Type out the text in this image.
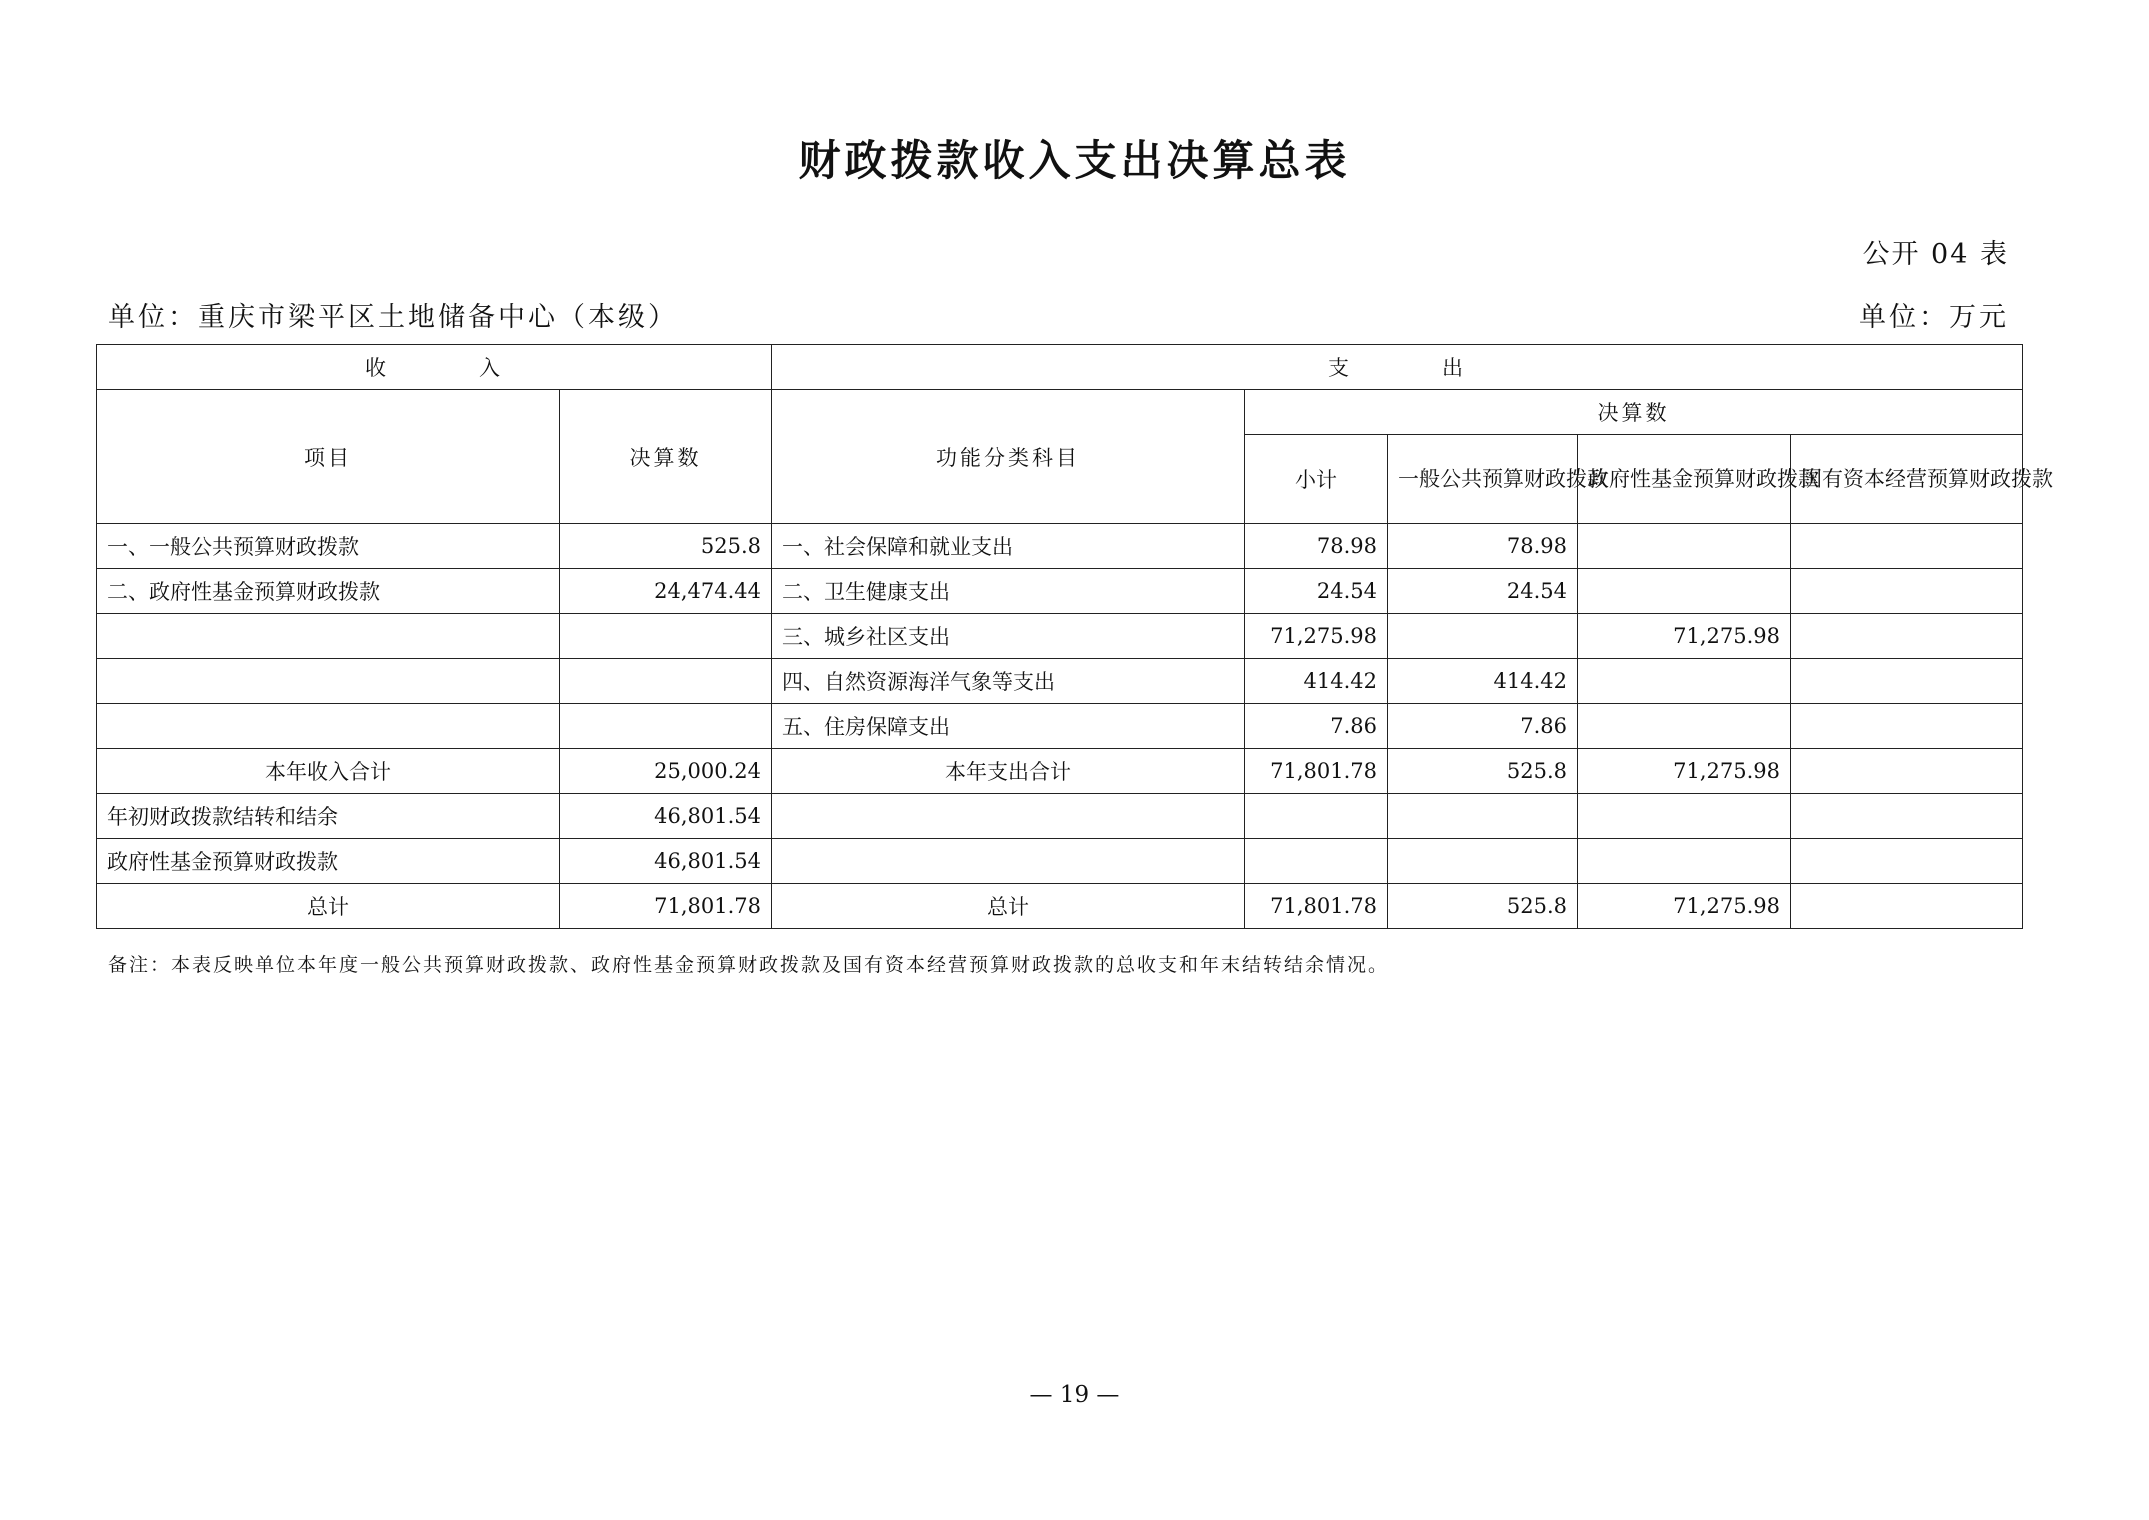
财政拨款收入支出决算总表
公开 04 表
单位：重庆市梁平区土地储备中心（本级）	单位：万元
收 入		支 出				
项目	决算数	功能分类科目	决算数			
			小计	一般公共预算财政拨款	政府性基金预算财政拨款	国有资本经营预算财政拨款
一、一般公共预算财政拨款	525.8	一、社会保障和就业支出	78.98	78.98		
二、政府性基金预算财政拨款	24,474.44	二、卫生健康支出	24.54	24.54		
		三、城乡社区支出	71,275.98		71,275.98	
		四、自然资源海洋气象等支出	414.42	414.42		
		五、住房保障支出	7.86	7.86		
本年收入合计	25,000.24	本年支出合计	71,801.78	525.8	71,275.98	
年初财政拨款结转和结余	46,801.54					
政府性基金预算财政拨款	46,801.54					
总计	71,801.78	总计	71,801.78	525.8	71,275.98	
备注：本表反映单位本年度一般公共预算财政拨款、政府性基金预算财政拨款及国有资本经营预算财政拨款的总收支和年末结转结余情况。
— 19 —
